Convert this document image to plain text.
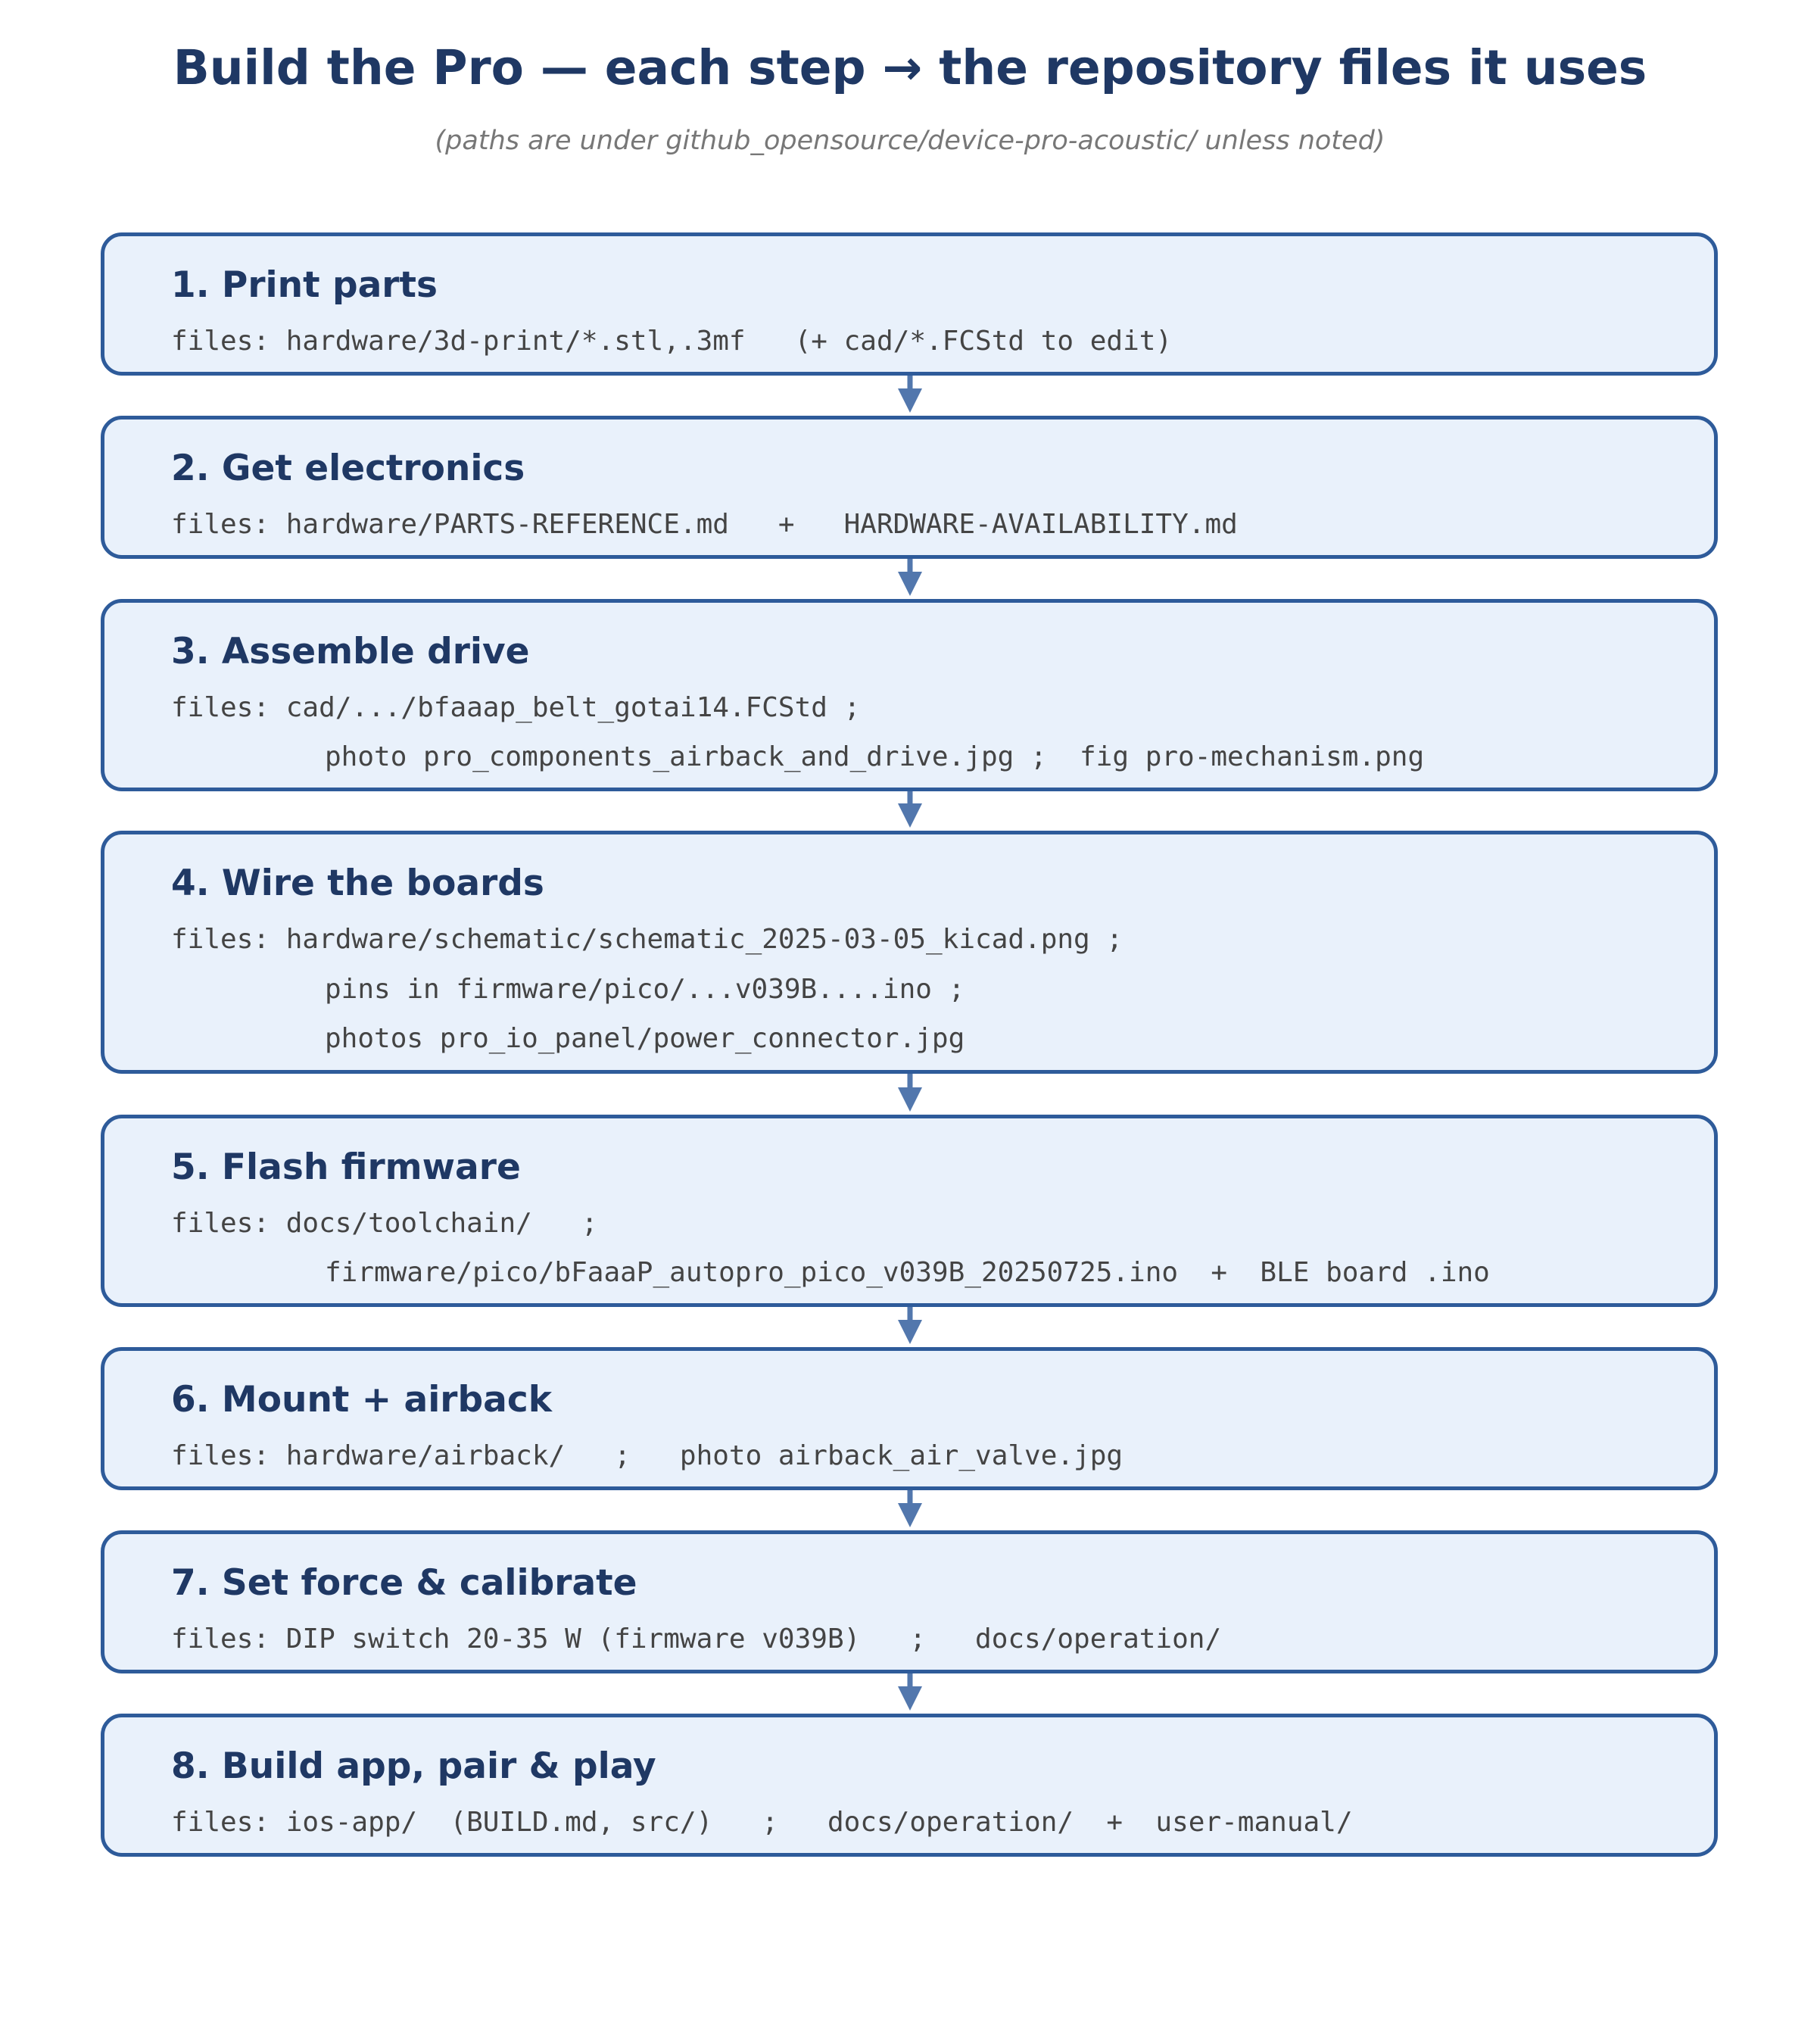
Build the Pro — each step → the repository files it uses
(paths are under github_opensource/device-pro-acoustic/ unless noted)
1. Print parts
files: hardware/3d-print/*.stl,.3mf   (+ cad/*.FCStd to edit)
2. Get electronics
files: hardware/PARTS-REFERENCE.md   +   HARDWARE-AVAILABILITY.md
3. Assemble drive
files: cad/.../bfaaap_belt_gotai14.FCStd ;
photo pro_components_airback_and_drive.jpg ;  fig pro-mechanism.png
4. Wire the boards
files: hardware/schematic/schematic_2025-03-05_kicad.png ;
pins in firmware/pico/...v039B....ino ;
photos pro_io_panel/power_connector.jpg
5. Flash firmware
files: docs/toolchain/   ;
firmware/pico/bFaaaP_autopro_pico_v039B_20250725.ino  +  BLE board .ino
6. Mount + airback
files: hardware/airback/   ;   photo airback_air_valve.jpg
7. Set force & calibrate
files: DIP switch 20-35 W (firmware v039B)   ;   docs/operation/
8. Build app, pair & play
files: ios-app/  (BUILD.md, src/)   ;   docs/operation/  +  user-manual/
